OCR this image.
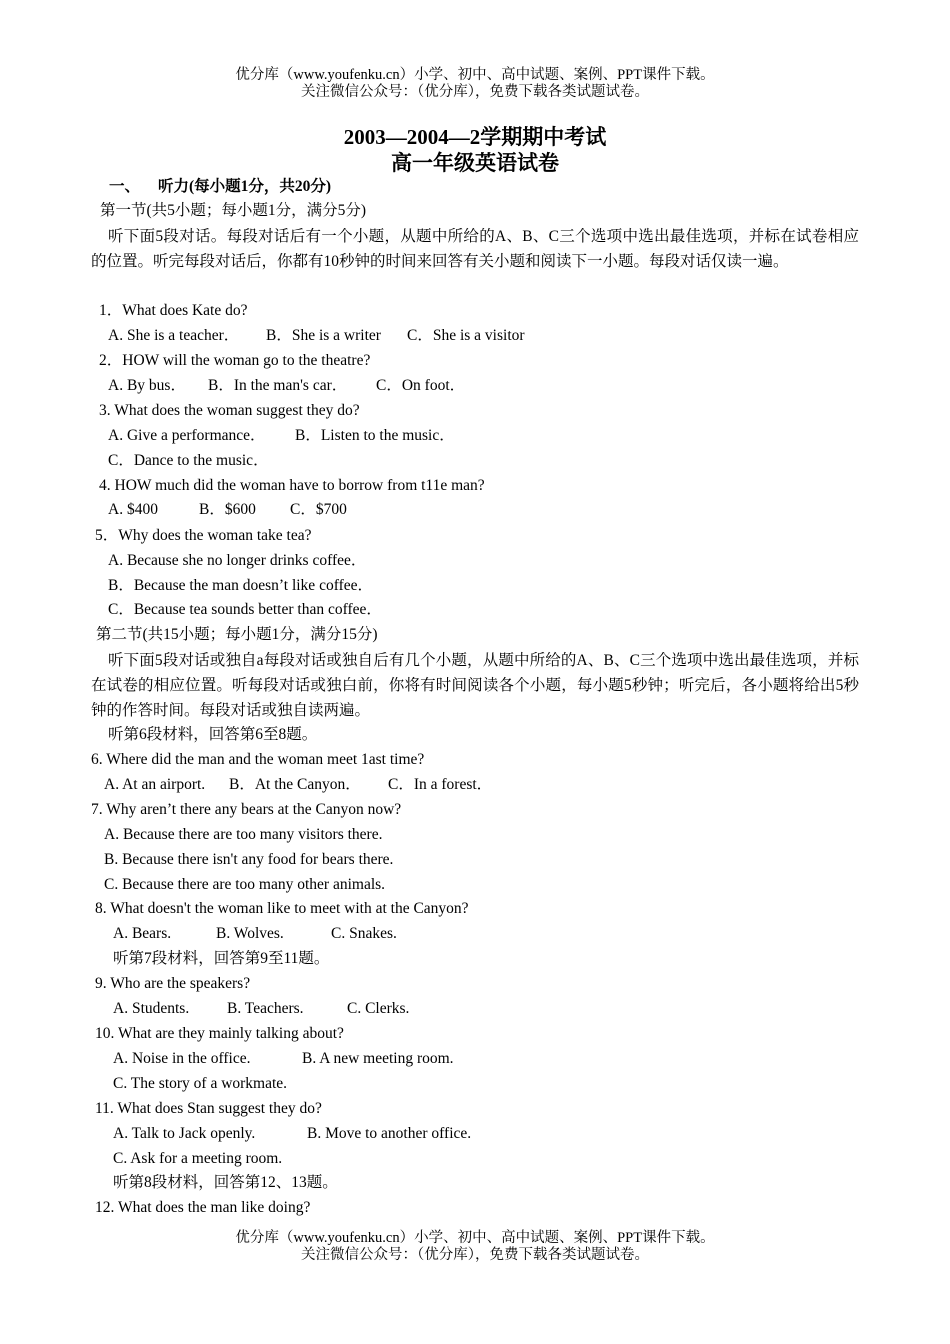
优分库（www.youfenku.cn）小学、初中、高中试题、案例、PPT课件下载。
关注微信公众号：（优分库），免费下载各类试题试卷。
2003—2004—2学期期中考试
高一年级英语试卷
一、 听力(每小题1分，共20分)
第一节(共5小题；每小题1分，满分5分)
听下面5段对话。每段对话后有一个小题，从题中所给的A、B、C三个选项中选出最佳选项，并标在试卷相应的位置。听完每段对话后，你都有10秒钟的时间来回答有关小题和阅读下一小题。每段对话仅读一遍。
1．What does Kate do?
A. She is a teacher． B．She is a writer C．She is a visitor
2．HOW will the woman go to the theatre?
A. By bus． B．In the man's car． C．On foot．
3. What does the woman suggest they do?
A. Give a performance． B．Listen to the music．
C．Dance to the music．
4. HOW much did the woman have to borrow from t11e man?
A. $400	B．$600 C．$700
5．Why does the woman take tea?
A. Because she no longer drinks coffee．
B．Because the man doesn’t like coffee．
C．Because tea sounds better than coffee．
第二节(共15小题；每小题1分，满分15分)
听下面5段对话或独自a每段对话或独自后有几个小题，从题中所给的A、B、C三个选项中选出最佳选项，并标在试卷的相应位置。听每段对话或独白前，你将有时间阅读各个小题，每小题5秒钟；听完后，各小题将给出5秒钟的作答时间。每段对话或独自读两遍。
听第6段材料，回答第6至8题。
6. Where did the man and the woman meet 1ast time?
A. At an airport. B．At the Canyon． C．In a forest．
7. Why aren’t there any bears at the Canyon now?
A. Because there are too many visitors there.
B. Because there isn't any food for bears there.
C. Because there are too many other animals.
8. What doesn't the woman like to meet with at the Canyon?
A. Bears.	B. Wolves.	C. Snakes.
听第7段材料，回答第9至11题。
9. Who are the speakers?
A. Students. B. Teachers.	C. Clerks.
10. What are they mainly talking about?
A. Noise in the office.	B. A new meeting room.
C. The story of a workmate.
11. What does Stan suggest they do?
A. Talk to Jack openly.	B. Move to another office.
C. Ask for a meeting room.
听第8段材料，回答第12、13题。
12. What does the man like doing?
优分库（www.youfenku.cn）小学、初中、高中试题、案例、PPT课件下载。
关注微信公众号：（优分库），免费下载各类试题试卷。
